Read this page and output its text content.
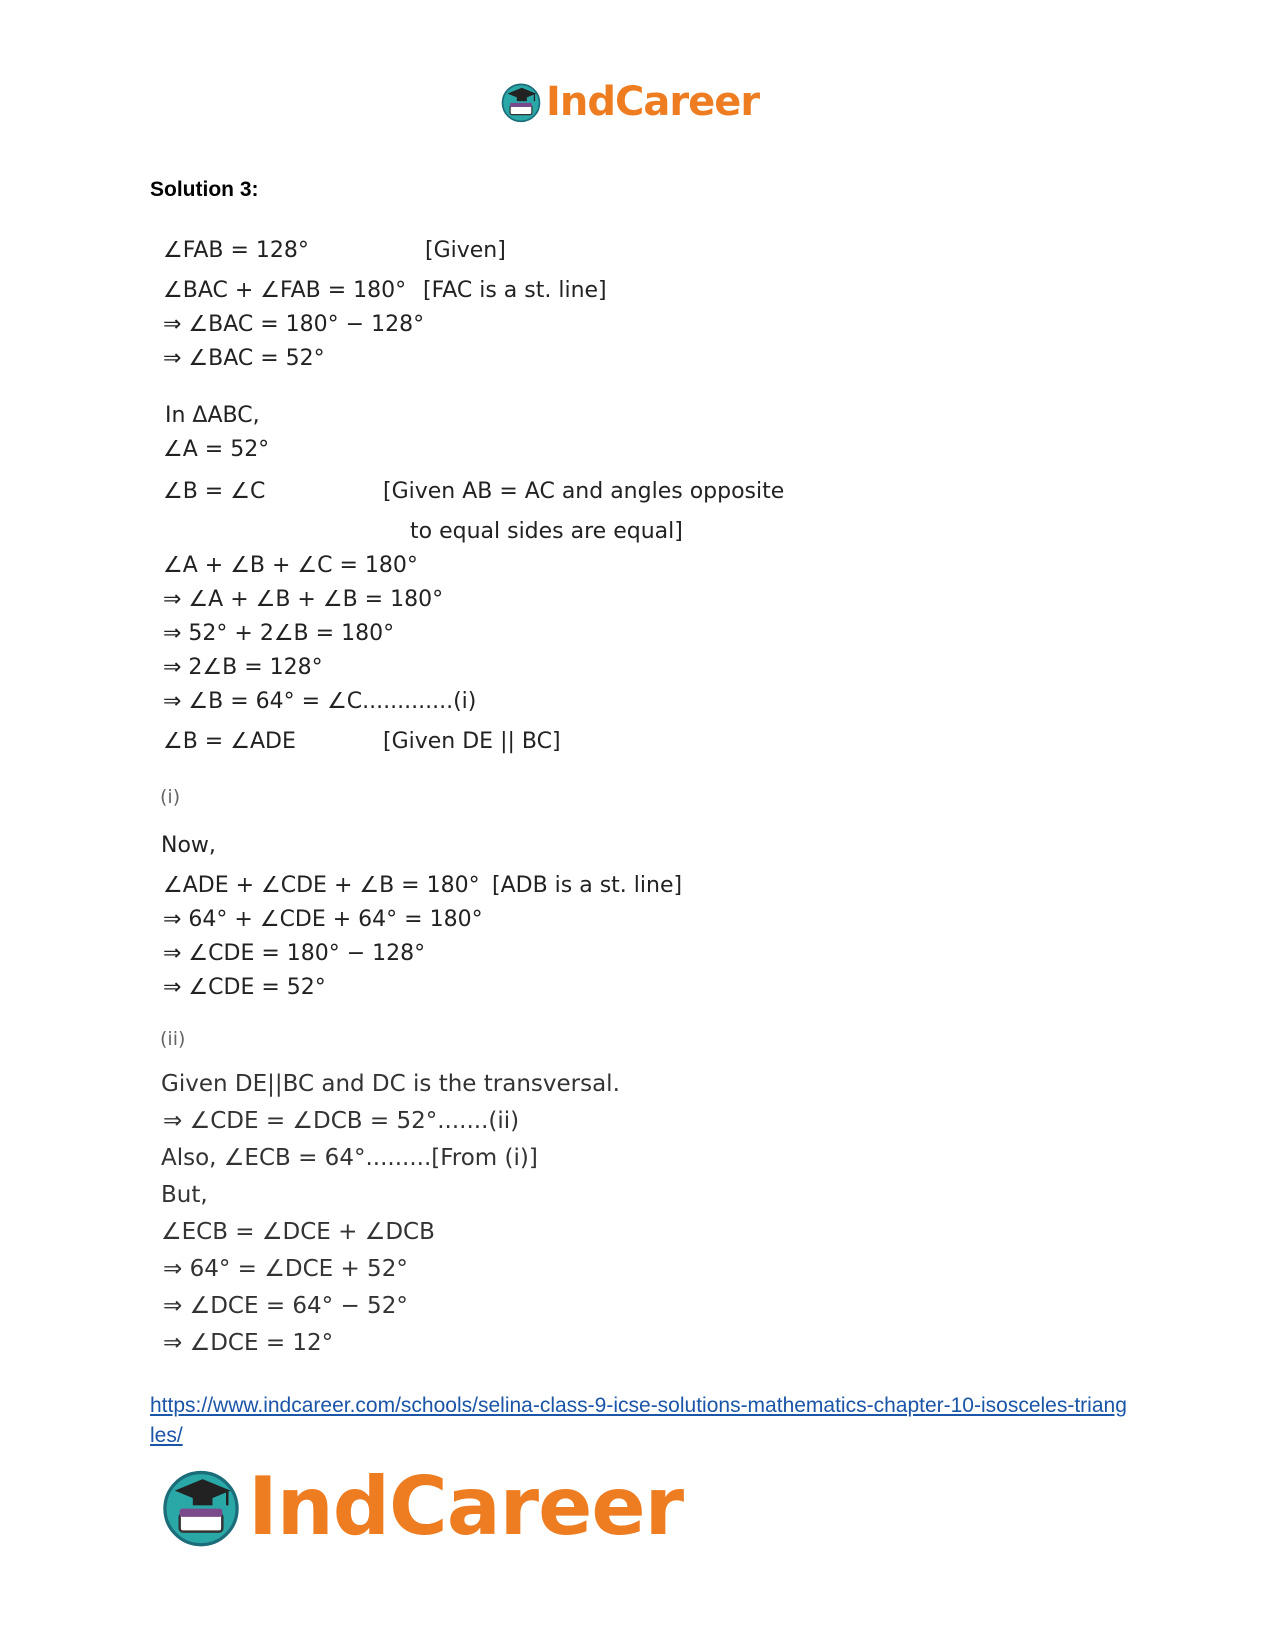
IndCareer
Solution 3:
∠FAB = 128°	[Given]
∠BAC + ∠FAB = 180° [FAC is a st. line]
⇒ ∠BAC = 180° − 128°
⇒ ∠BAC = 52°
In ΔABC,
∠A = 52°
∠B = ∠C	[Given AB = AC and angles opposite
to equal sides are equal]
∠A + ∠B + ∠C = 180°
⇒ ∠A + ∠B + ∠B = 180°
⇒ 52° + 2∠B = 180°
⇒ 2∠B = 128°
⇒ ∠B = 64° = ∠C.............(i)
∠B = ∠ADE	[Given DE || BC]
(i)
Now,
∠ADE + ∠CDE + ∠B = 180° [ADB is a st. line]
⇒ 64° + ∠CDE + 64° = 180°
⇒ ∠CDE = 180° − 128°
⇒ ∠CDE = 52°
(ii)
Given DE||BC and DC is the transversal.
⇒ ∠CDE = ∠DCB = 52°.......(ii)
Also, ∠ECB = 64°.........[From (i)]
But,
∠ECB = ∠DCE + ∠DCB
⇒ 64° = ∠DCE + 52°
⇒ ∠DCE = 64° − 52°
⇒ ∠DCE = 12°
https://www.indcareer.com/schools/selina-class-9-icse-solutions-mathematics-chapter-10-isosceles-triangles/
IndCareer
